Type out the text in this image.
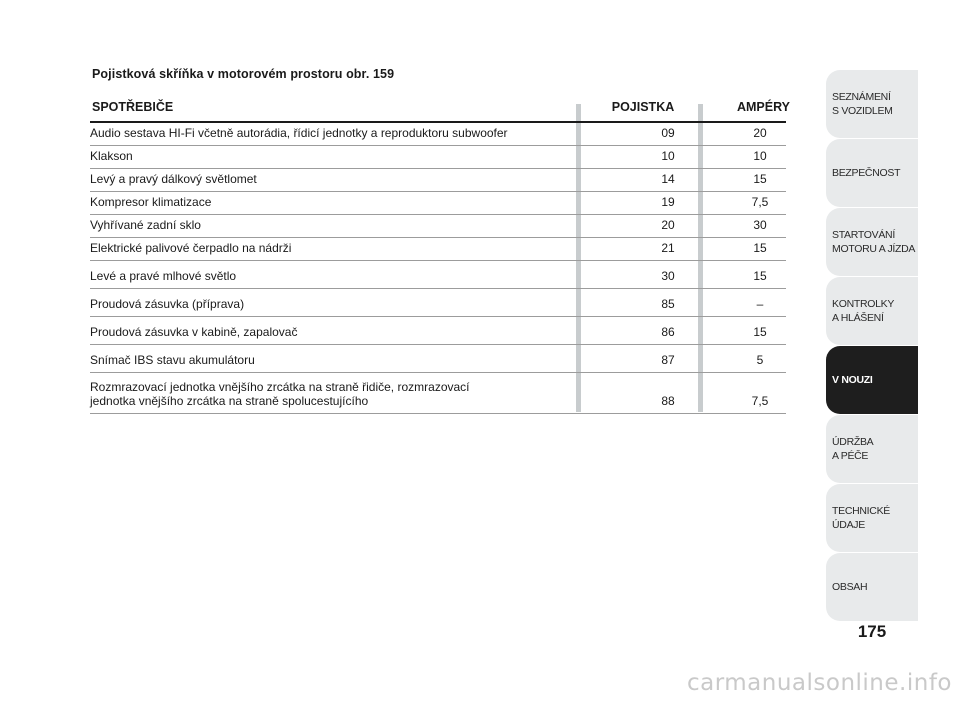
Pojistková skříňka v motorovém prostoru obr. 159
SPOTŘEBIČE	POJISTKA	AMPÉRY
Audio sestava HI-Fi včetně autorádia, řídicí jednotky a reproduktoru subwoofer	09	20
Klakson	10	10
Levý a pravý dálkový světlomet	14	15
Kompresor klimatizace	19	7,5
Vyhřívané zadní sklo	20	30
Elektrické palivové čerpadlo na nádrži	21	15
Levé a pravé mlhové světlo	30	15
Proudová zásuvka (příprava)	85	–
Proudová zásuvka v kabině, zapalovač	86	15
Snímač IBS stavu akumulátoru	87	5
Rozmrazovací jednotka vnějšího zrcátka na straně řidiče, rozmrazovací
jednotka vnějšího zrcátka na straně spolucestujícího	88	7,5
SEZNÁMENÍ
S VOZIDLEM
BEZPEČNOST
STARTOVÁNÍ
MOTORU A JÍZDA
KONTROLKY
A HLÁŠENÍ
V NOUZI
ÚDRŽBA
A PÉČE
TECHNICKÉ
ÚDAJE
OBSAH
175
carmanualsonline.info
